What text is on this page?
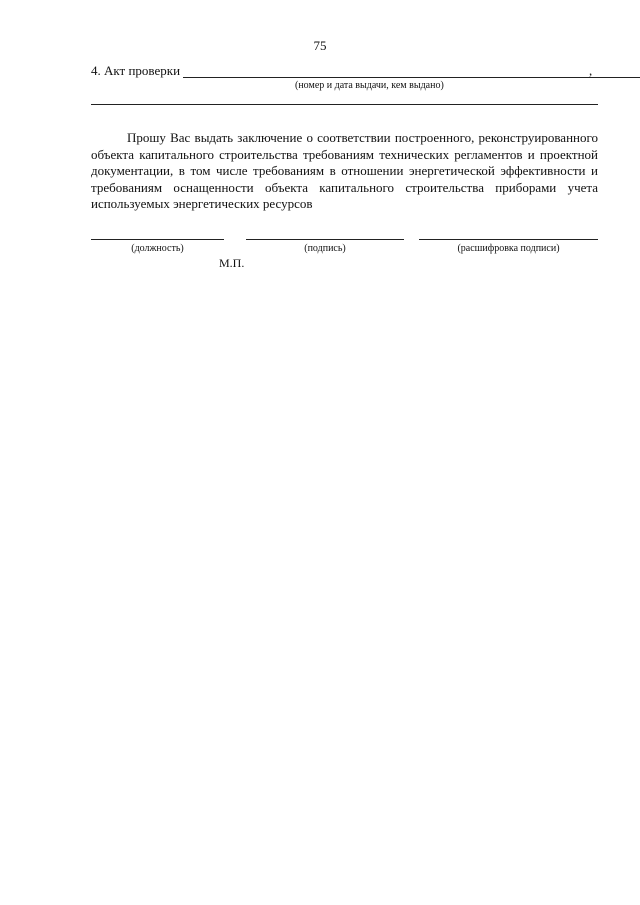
75
4. Акт проверки	,
(номер и дата выдачи, кем выдано)
Прошу Вас выдать заключение о соответствии построенного, реконструированного объекта капитального строительства требованиям технических регламентов и проектной документации, в том числе требованиям в отношении энергетической эффективности и требованиям оснащенности объекта капитального строительства приборами учета используемых энергетических ресурсов
(должность)	(подпись)	(расшифровка подписи)
М.П.
